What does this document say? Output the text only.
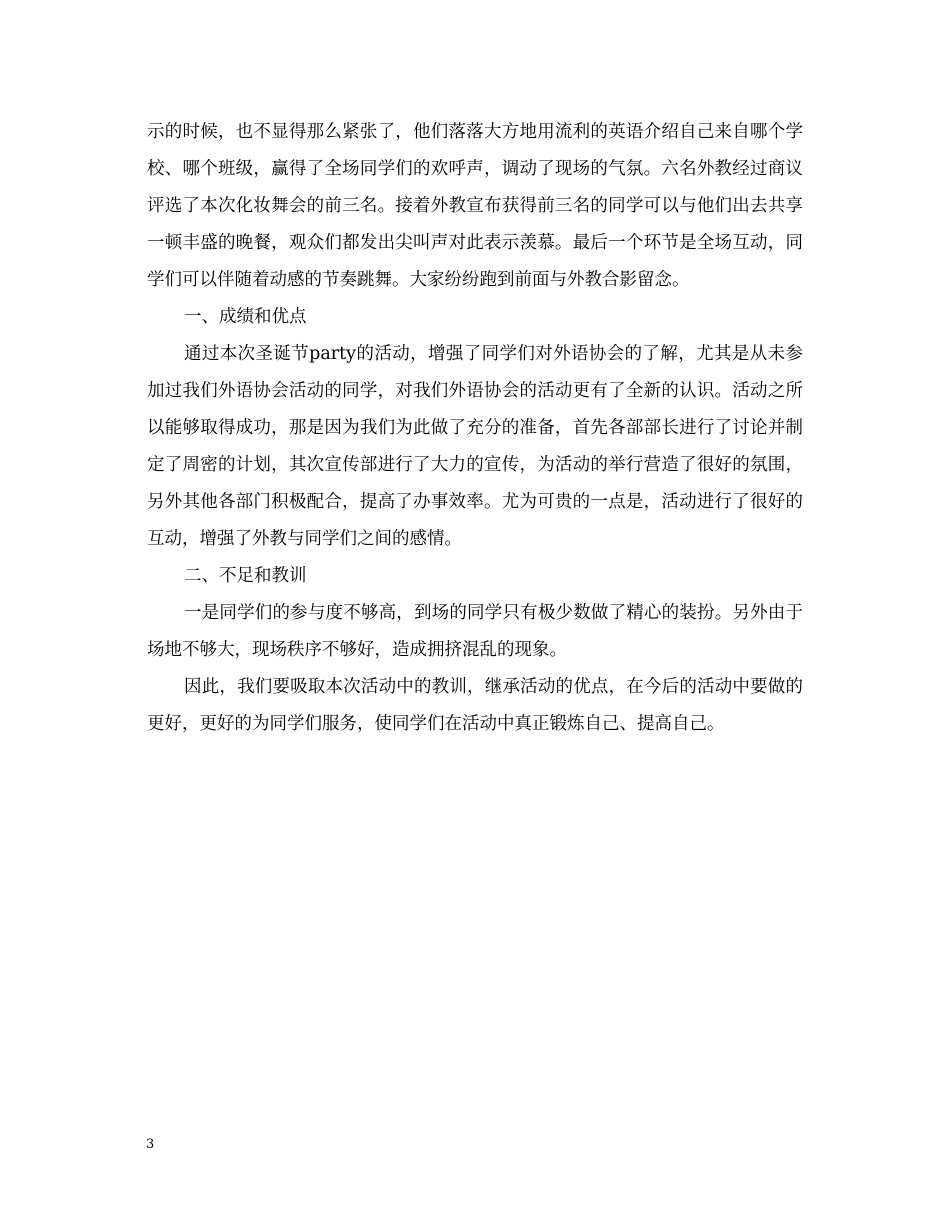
示的时候，也不显得那么紧张了，他们落落大方地用流利的英语介绍自己来自哪个学校、哪个班级，赢得了全场同学们的欢呼声，调动了现场的气氛。六名外教经过商议评选了本次化妆舞会的前三名。接着外教宣布获得前三名的同学可以与他们出去共享一顿丰盛的晚餐，观众们都发出尖叫声对此表示羡慕。最后一个环节是全场互动，同学们可以伴随着动感的节奏跳舞。大家纷纷跑到前面与外教合影留念。

一、成绩和优点

通过本次圣诞节party的活动，增强了同学们对外语协会的了解，尤其是从未参加过我们外语协会活动的同学，对我们外语协会的活动更有了全新的认识。活动之所以能够取得成功，那是因为我们为此做了充分的准备，首先各部部长进行了讨论并制定了周密的计划，其次宣传部进行了大力的宣传，为活动的举行营造了很好的氛围，另外其他各部门积极配合，提高了办事效率。尤为可贵的一点是，活动进行了很好的互动，增强了外教与同学们之间的感情。

二、不足和教训

一是同学们的参与度不够高，到场的同学只有极少数做了精心的装扮。另外由于场地不够大，现场秩序不够好，造成拥挤混乱的现象。

因此，我们要吸取本次活动中的教训，继承活动的优点，在今后的活动中要做的更好，更好的为同学们服务，使同学们在活动中真正锻炼自己、提高自己。

3
